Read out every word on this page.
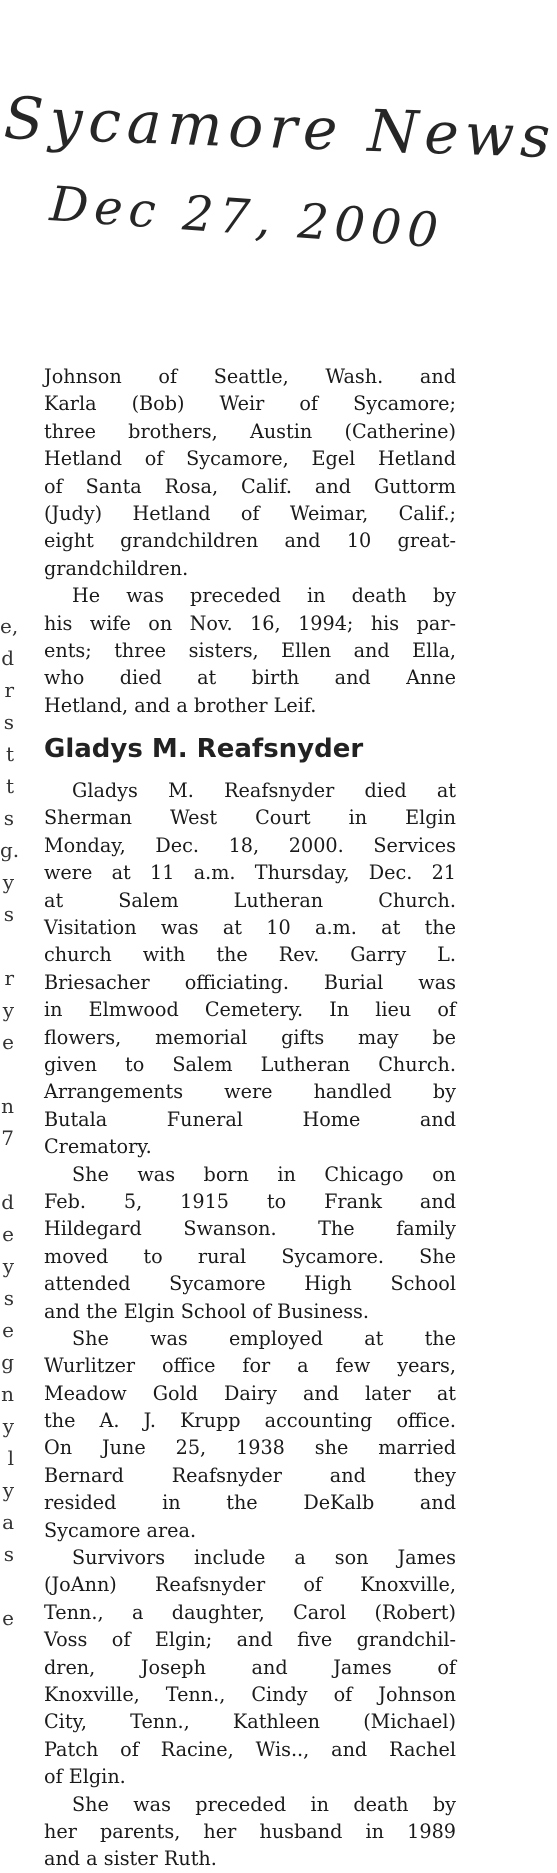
Sycamore News
Dec 27, 2000
e,
d
r
s
t
t
s
g.
y
s
r
y
e
n
7
d
e
y
s
e
g
n
y
l
y
a
s
e
Johnson of Seattle, Wash. and
Karla (Bob) Weir of Sycamore;
three brothers, Austin (Catherine)
Hetland of Sycamore, Egel Hetland
of Santa Rosa, Calif. and Guttorm
(Judy) Hetland of Weimar, Calif.;
eight grandchildren and 10 great-
grandchildren.
He was preceded in death by
his wife on Nov. 16, 1994; his par-
ents; three sisters, Ellen and Ella,
who died at birth and Anne
Hetland, and a brother Leif.
Gladys M. Reafsnyder
Gladys M. Reafsnyder died at
Sherman West Court in Elgin
Monday, Dec. 18, 2000. Services
were at 11 a.m. Thursday, Dec. 21
at Salem Lutheran Church.
Visitation was at 10 a.m. at the
church with the Rev. Garry L.
Briesacher officiating. Burial was
in Elmwood Cemetery. In lieu of
flowers, memorial gifts may be
given to Salem Lutheran Church.
Arrangements were handled by
Butala Funeral Home and
Crematory.
She was born in Chicago on
Feb. 5, 1915 to Frank and
Hildegard Swanson. The family
moved to rural Sycamore. She
attended Sycamore High School
and the Elgin School of Business.
She was employed at the
Wurlitzer office for a few years,
Meadow Gold Dairy and later at
the A. J. Krupp accounting office.
On June 25, 1938 she married
Bernard Reafsnyder and they
resided in the DeKalb and
Sycamore area.
Survivors include a son James
(JoAnn) Reafsnyder of Knoxville,
Tenn., a daughter, Carol (Robert)
Voss of Elgin; and five grandchil-
dren, Joseph and James of
Knoxville, Tenn., Cindy of Johnson
City, Tenn., Kathleen (Michael)
Patch of Racine, Wis.., and Rachel
of Elgin.
She was preceded in death by
her parents, her husband in 1989
and a sister Ruth.
